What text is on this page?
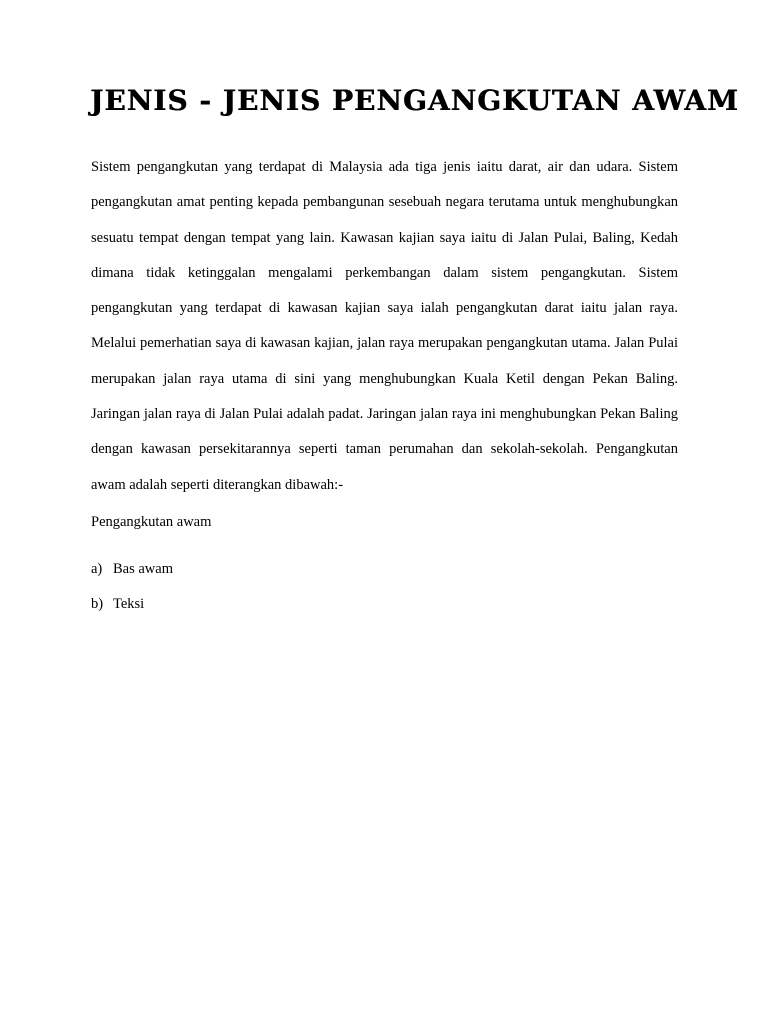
JENIS - JENIS PENGANGKUTAN AWAM

Sistem pengangkutan yang terdapat di Malaysia ada tiga jenis iaitu darat, air dan udara. Sistem pengangkutan amat penting kepada pembangunan sesebuah negara terutama untuk menghubungkan sesuatu tempat dengan tempat yang lain. Kawasan kajian saya iaitu di Jalan Pulai, Baling, Kedah dimana tidak ketinggalan mengalami perkembangan dalam sistem pengangkutan. Sistem pengangkutan yang terdapat di kawasan kajian saya ialah pengangkutan darat iaitu jalan raya. Melalui pemerhatian saya di kawasan kajian, jalan raya merupakan pengangkutan utama. Jalan Pulai merupakan jalan raya utama di sini yang menghubungkan Kuala Ketil dengan Pekan Baling. Jaringan jalan raya di Jalan Pulai adalah padat. Jaringan jalan raya ini menghubungkan Pekan Baling dengan kawasan persekitarannya seperti taman perumahan dan sekolah-sekolah. Pengangkutan awam adalah seperti diterangkan dibawah:-

Pengangkutan awam

a) Bas awam
b) Teksi
